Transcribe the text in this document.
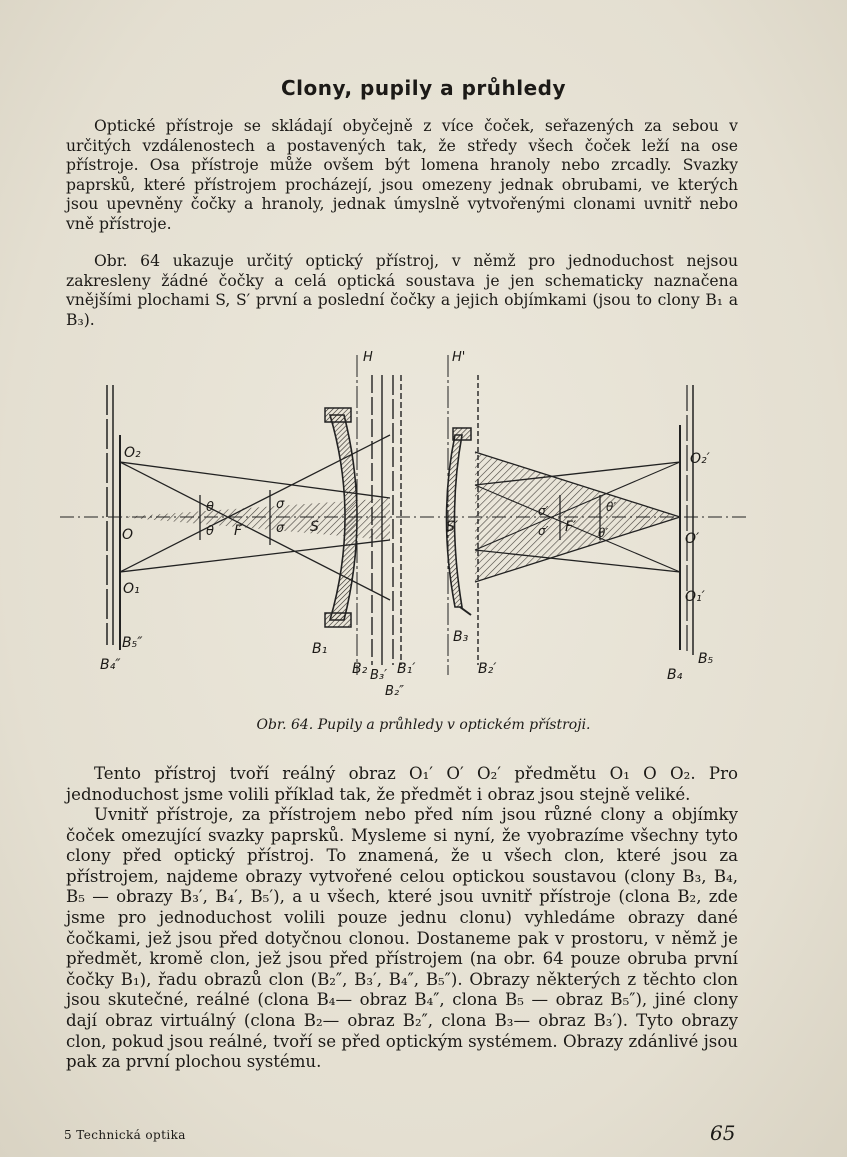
Clony, pupily a průhledy

Optické přístroje se skládají obyčejně z více čoček, seřazených za sebou v určitých vzdálenostech a postavených tak, že středy všech čoček leží na ose přístroje. Osa přístroje může ovšem být lomena hranoly nebo zrcadly. Svazky paprsků, které přístrojem procházejí, jsou omezeny jednak obrubami, ve kterých jsou upevněny čočky a hranoly, jednak úmyslně vytvořenými clonami uvnitř nebo vně přístroje.

Obr. 64 ukazuje určitý optický přístroj, v němž pro jednoduchost nejsou zakresleny žádné čočky a celá optická soustava je jen schematicky naznačena vnějšími plochami S, S′ první a poslední čočky a jejich objímkami (jsou to clony B₁ a B₃).

H	H'
O₂
O
O₁
O₂′
O′
O₁′
θ
θ F
σ
σ S	S′
σ′
σ′ F′
θ′
θ′
B₁
B₂ B₃′ B₁′
B₂″
B₃
B₂′
B₅″
B₄″	B₅
B₄
Obr. 64. Pupily a průhledy v optickém přístroji.

Tento přístroj tvoří reálný obraz O₁′ O′ O₂′ předmětu O₁ O O₂. Pro jednoduchost jsme volili příklad tak, že předmět i obraz jsou stejně veliké.

Uvnitř přístroje, za přístrojem nebo před ním jsou různé clony a objímky čoček omezující svazky paprsků. Mysleme si nyní, že vyobrazíme všechny tyto clony před optický přístroj. To znamená, že u všech clon, které jsou za přístrojem, najdeme obrazy vytvořené celou optickou soustavou (clony B₃, B₄, B₅ — obrazy B₃′, B₄′, B₅′), a u všech, které jsou uvnitř přístroje (clona B₂, zde jsme pro jednoduchost volili pouze jednu clonu) vyhledáme obrazy dané čočkami, jež jsou před dotyčnou clonou. Dostaneme pak v prostoru, v němž je předmět, kromě clon, jež jsou před přístrojem (na obr. 64 pouze obruba první čočky B₁), řadu obrazů clon (B₂″, B₃′, B₄″, B₅″). Obrazy některých z těchto clon jsou skutečné, reálné (clona B₄— obraz B₄″, clona B₅ — obraz B₅″), jiné clony dají obraz virtuálný (clona B₂— obraz B₂″, clona B₃— obraz B₃′). Tyto obrazy clon, pokud jsou reálné, tvoří se před optickým systémem. Obrazy zdánlivé jsou pak za první plochou systému.

5 Technická optika	65
